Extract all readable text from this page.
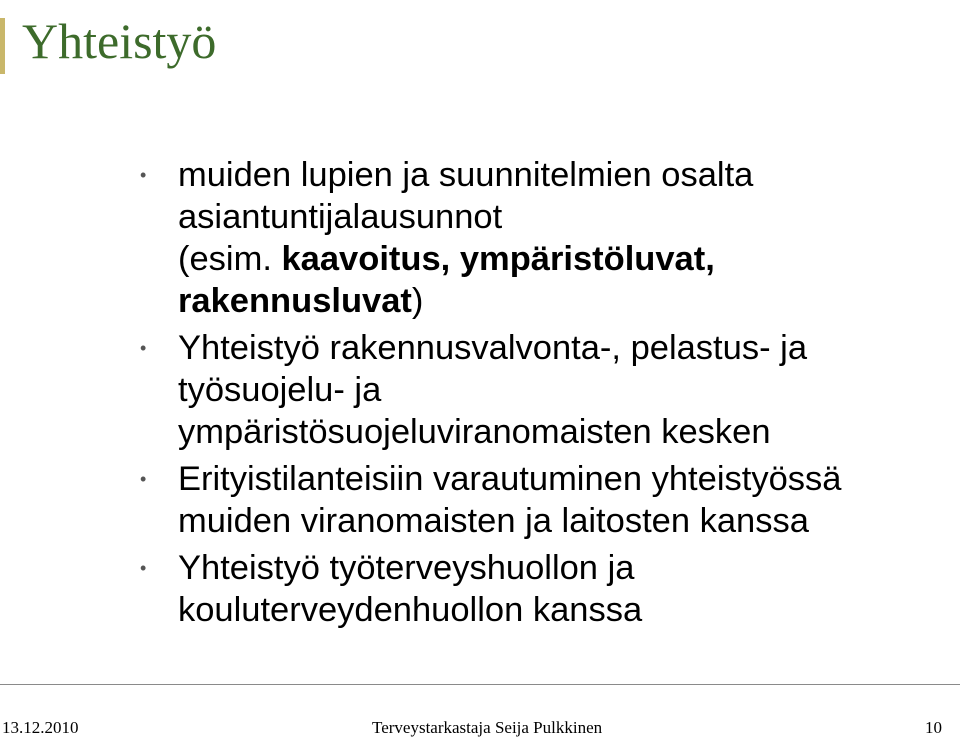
Yhteistyö
• muiden lupien ja suunnitelmien osalta
asiantuntijalausunnot
(esim. kaavoitus, ympäristöluvat,
rakennusluvat)
• Yhteistyö rakennusvalvonta-, pelastus- ja
työsuojelu- ja
ympäristösuojeluviranomaisten kesken
• Erityistilanteisiin varautuminen yhteistyössä
muiden viranomaisten ja laitosten kanssa
• Yhteistyö työterveyshuollon ja
kouluterveydenhuollon kanssa
13.12.2010	Terveystarkastaja Seija Pulkkinen	10
